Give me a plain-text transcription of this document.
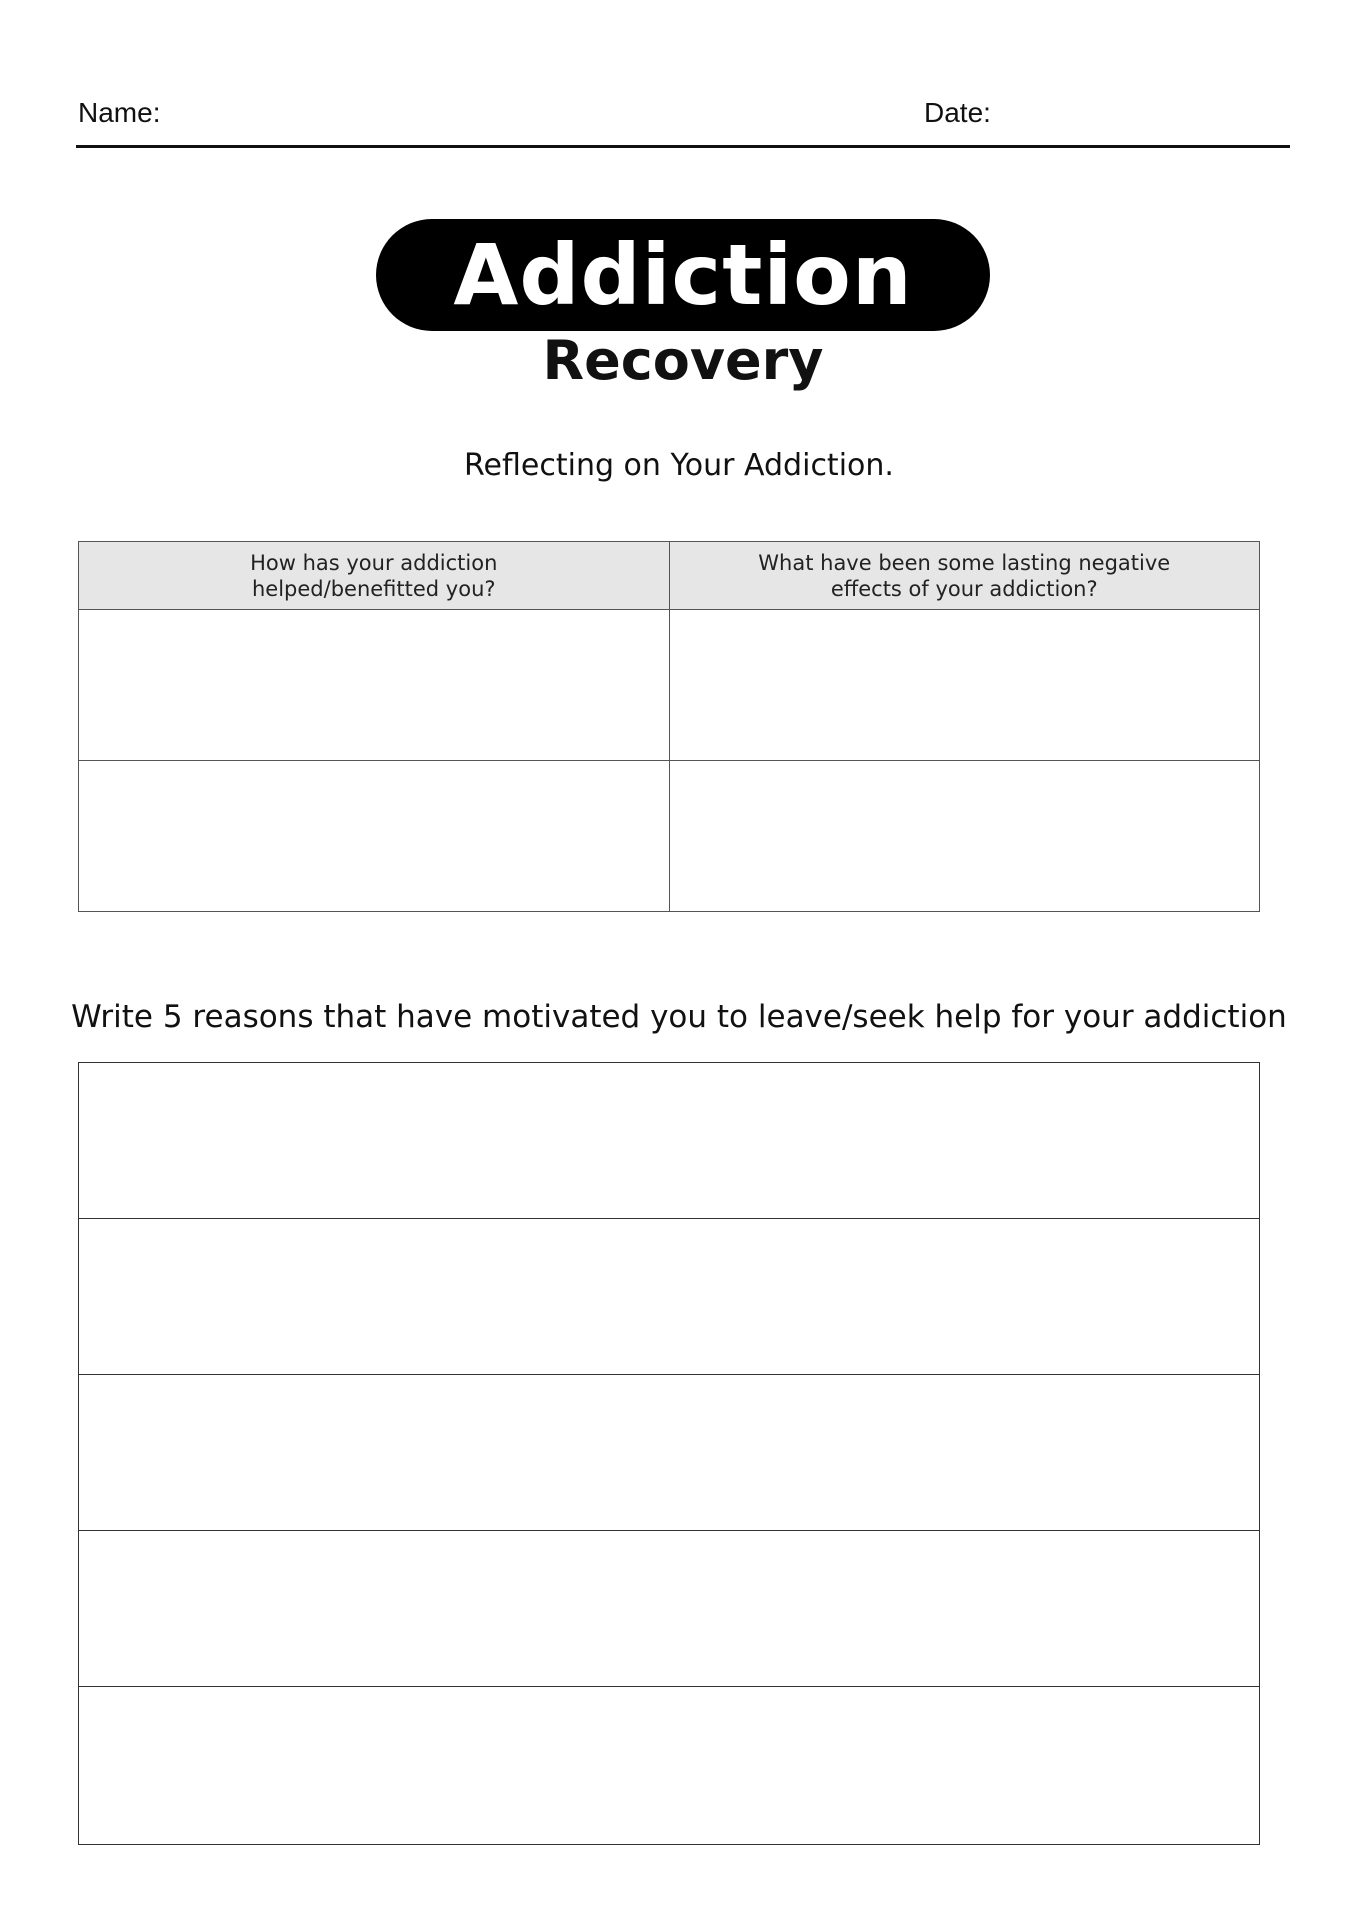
Name:	Date:
Addiction
Recovery
Reflecting on Your Addiction.
How has your addiction helped/benefitted you?	What have been some lasting negative effects of your addiction?

Write 5 reasons that have motivated you to leave/seek help for your addiction
